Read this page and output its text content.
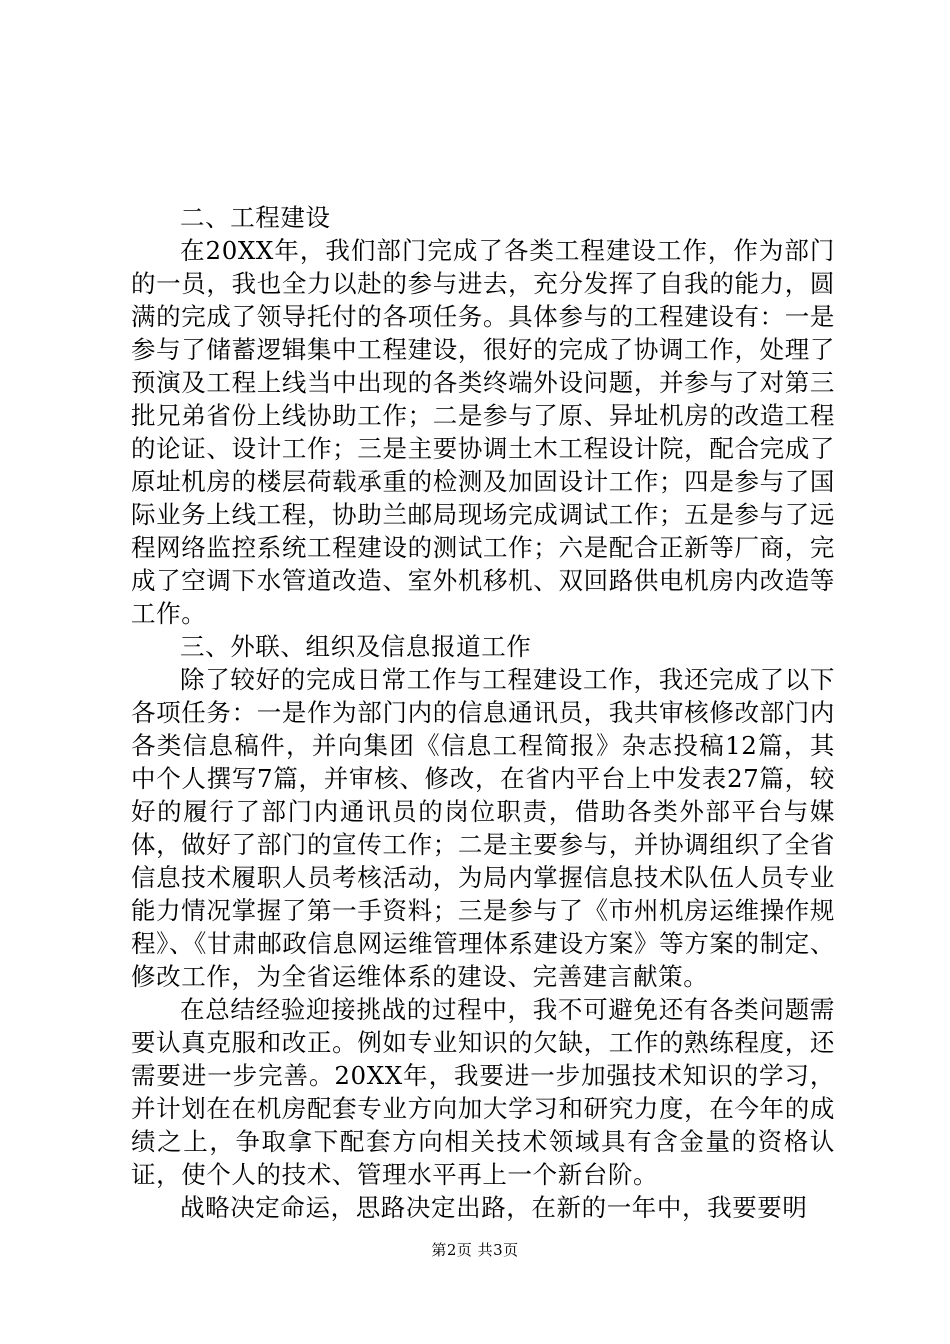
二、工程建设

在20XX年，我们部门完成了各类工程建设工作，作为部门的一员，我也全力以赴的参与进去，充分发挥了自我的能力，圆满的完成了领导托付的各项任务。具体参与的工程建设有：一是参与了储蓄逻辑集中工程建设，很好的完成了协调工作，处理了预演及工程上线当中出现的各类终端外设问题，并参与了对第三批兄弟省份上线协助工作；二是参与了原、异址机房的改造工程的论证、设计工作；三是主要协调土木工程设计院，配合完成了原址机房的楼层荷载承重的检测及加固设计工作；四是参与了国际业务上线工程，协助兰邮局现场完成调试工作；五是参与了远程网络监控系统工程建设的测试工作；六是配合正新等厂商，完成了空调下水管道改造、室外机移机、双回路供电机房内改造等工作。

三、外联、组织及信息报道工作

除了较好的完成日常工作与工程建设工作，我还完成了以下各项任务：一是作为部门内的信息通讯员，我共审核修改部门内各类信息稿件，并向集团《信息工程简报》杂志投稿12篇，其中个人撰写7篇，并审核、修改，在省内平台上中发表27篇，较好的履行了部门内通讯员的岗位职责，借助各类外部平台与媒体，做好了部门的宣传工作；二是主要参与，并协调组织了全省信息技术履职人员考核活动，为局内掌握信息技术队伍人员专业能力情况掌握了第一手资料；三是参与了《市州机房运维操作规程》、《甘肃邮政信息网运维管理体系建设方案》等方案的制定、修改工作，为全省运维体系的建设、完善建言献策。

在总结经验迎接挑战的过程中，我不可避免还有各类问题需要认真克服和改正。例如专业知识的欠缺，工作的熟练程度，还需要进一步完善。20XX年，我要进一步加强技术知识的学习，并计划在在机房配套专业方向加大学习和研究力度，在今年的成绩之上，争取拿下配套方向相关技术领域具有含金量的资格认证，使个人的技术、管理水平再上一个新台阶。

战略决定命运，思路决定出路，在新的一年中，我要要明

第2页 共3页
